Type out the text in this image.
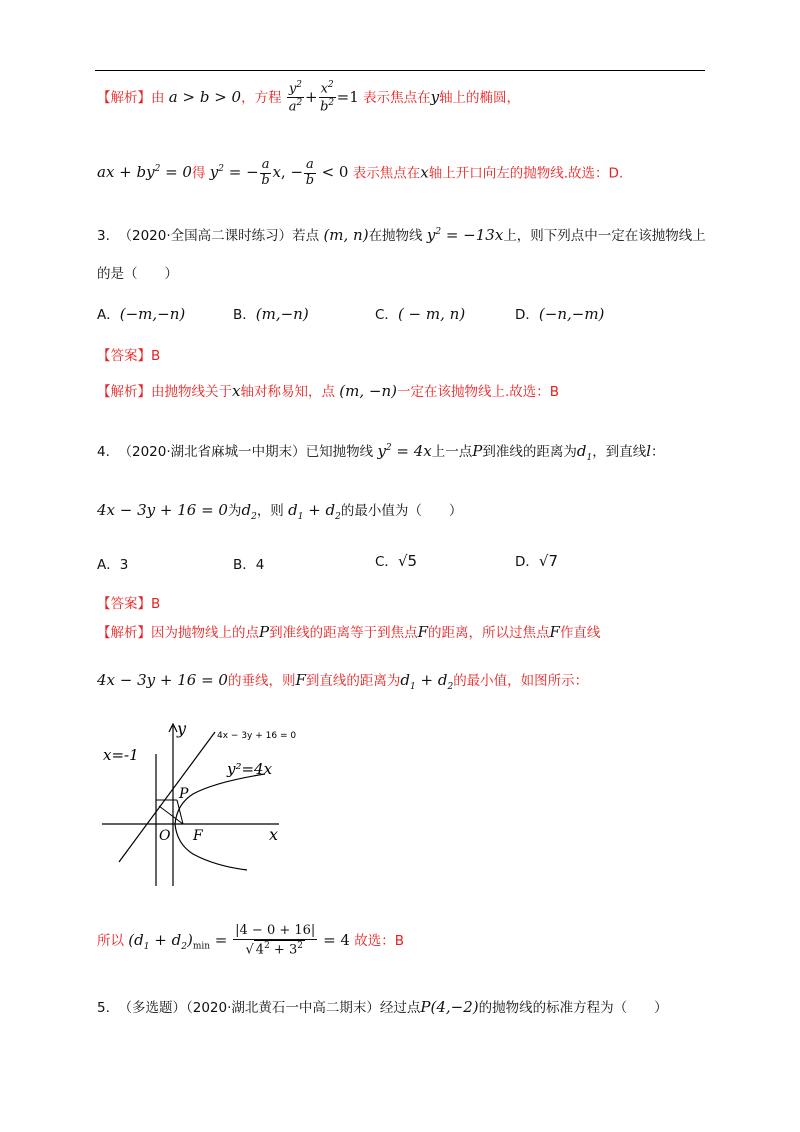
【解析】由 a > b > 0，方程 $\frac{y^2}{a^2} + \frac{x^2}{b^2} =1$ 表示焦点在y轴上的椭圆，
ax + $by^2 = 0$得 $y^2$ = − $\frac{a}{b} x$, − $\frac{a}{b} < 0$ 表示焦点在x轴上开口向左的抛物线.故选：D.
3. （2020·全国高二课时练习）若点 (m, n)在抛物线 $y^2 = -13x$上，则下列点中一定在该抛物线上
的是（　　）
A．(−m,−n)	B．(m,−n)	C．( − m, n)	D．(−n,−m)
【答案】B
【解析】由抛物线关于x轴对称易知，点 (m, −n)一定在该抛物线上.故选：B
4. （2020·湖北省麻城一中期末）已知抛物线 $y^2 = 4x$上一点P到准线的距离为$d_1$，到直线l：
4x − 3y + 16 = 0为$d_2$，则 $d_1 + d_2$的最小值为（　　）
A．3	B．4	C．√5	D．√7
【答案】B
【解析】因为抛物线上的点P到准线的距离等于到焦点F的距离，所以过焦点F作直线
4x − 3y + 16 = 0的垂线，则F到直线的距离为$d_1 + d_2$的最小值，如图所示：
y
x
x=-1
4x − 3y + 16 = 0
y²=4x
P
O F
所以 $(d_1 + d_2)_{min} = \frac{|4 - 0 + 16|}{√ 4^2 + 3^2} = 4$ 故选：B
5. （多选题）（2020·湖北黄石一中高二期末）经过点P(4,−2)的抛物线的标准方程为（　　）
